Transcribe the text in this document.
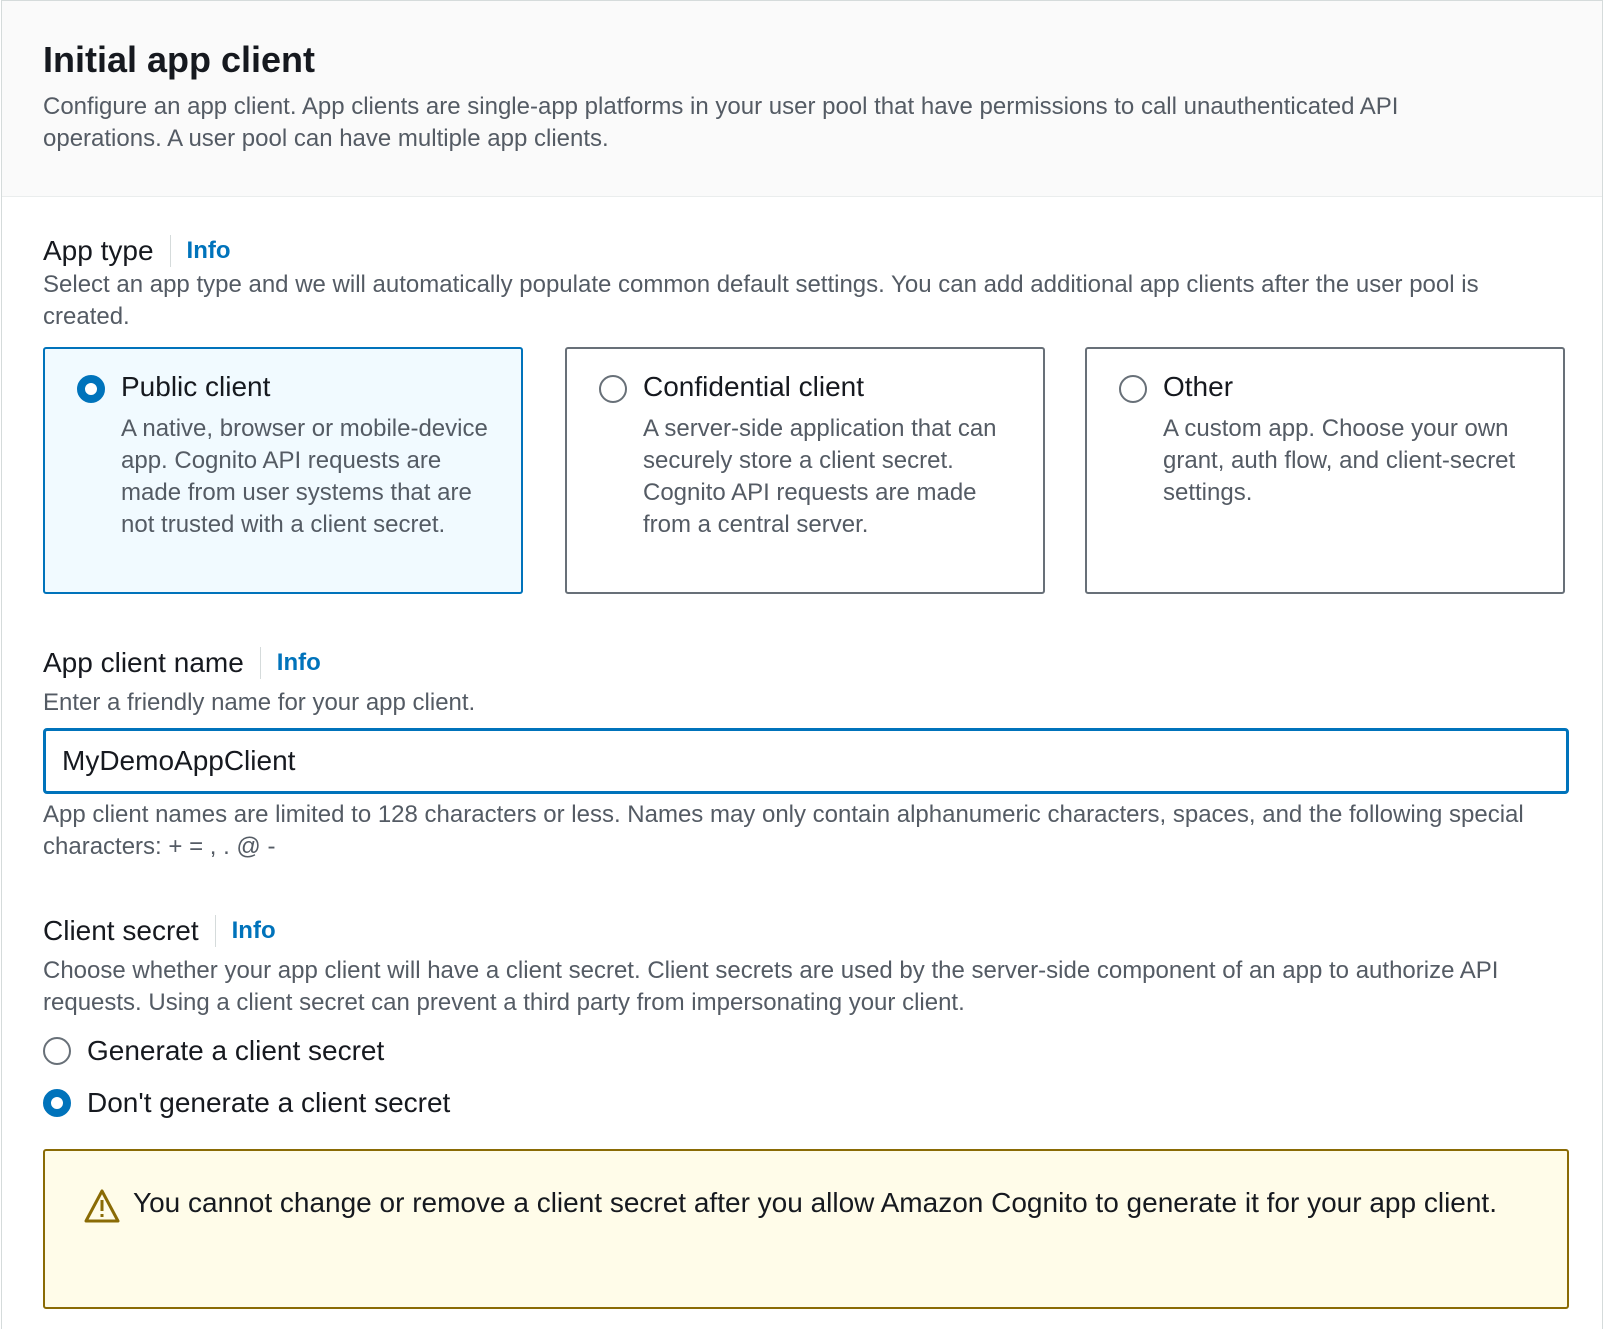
Initial app client

Configure an app client. App clients are single-app platforms in your user pool that have permissions to call unauthenticated API operations. A user pool can have multiple app clients.

App type Info

Select an app type and we will automatically populate common default settings. You can add additional app clients after the user pool is created.

Public client
A native, browser or mobile-device app. Cognito API requests are made from user systems that are not trusted with a client secret.
Confidential client
A server-side application that can securely store a client secret. Cognito API requests are made from a central server.
Other
A custom app. Choose your own grant, auth flow, and client-secret settings.
App client name Info

Enter a friendly name for your app client.

MyDemoAppClient

App client names are limited to 128 characters or less. Names may only contain alphanumeric characters, spaces, and the following special characters: + = , . @ -

Client secret Info

Choose whether your app client will have a client secret. Client secrets are used by the server-side component of an app to authorize API requests. Using a client secret can prevent a third party from impersonating your client.

Generate a client secret
Don't generate a client secret

You cannot change or remove a client secret after you allow Amazon Cognito to generate it for your app client.
